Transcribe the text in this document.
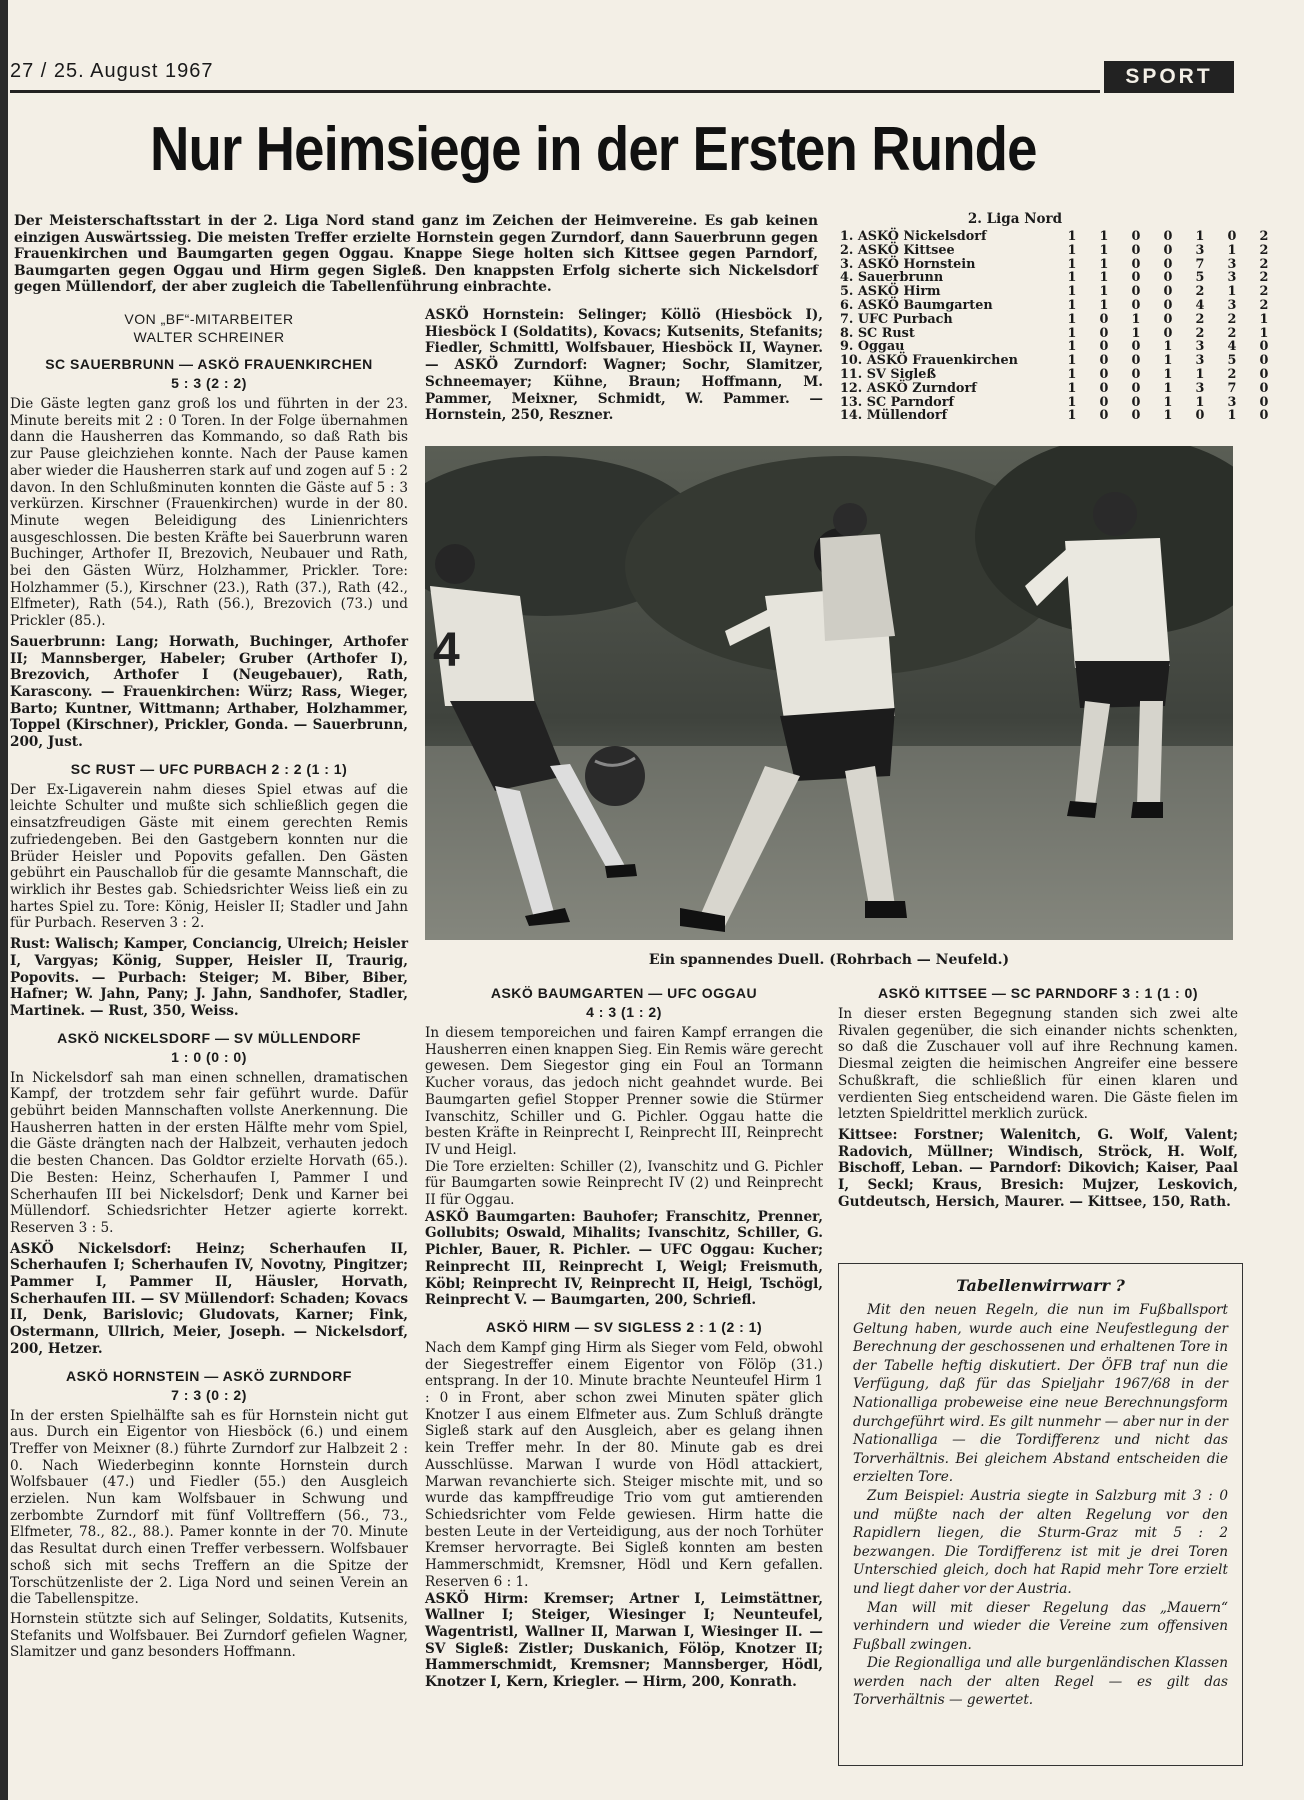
27 / 25. August 1967	SPORT
Nur Heimsiege in der Ersten Runde
Der Meisterschaftsstart in der 2. Liga Nord stand ganz im Zeichen der Heimvereine. Es gab keinen einzigen Auswärtssieg. Die meisten Treffer erzielte Hornstein gegen Zurndorf, dann Sauerbrunn gegen Frauenkirchen und Baumgarten gegen Oggau. Knappe Siege holten sich Kittsee gegen Parndorf, Baumgarten gegen Oggau und Hirm gegen Sigleß. Den knappsten Erfolg sicherte sich Nickelsdorf gegen Müllendorf, der aber zugleich die Tabellenführung einbrachte.
2. Liga Nord
1. ASKÖ Nickelsdorf	1	1	0	0	1	0	2
2. ASKÖ Kittsee	1	1	0	0	3	1	2
3. ASKÖ Hornstein	1	1	0	0	7	3	2
4. Sauerbrunn	1	1	0	0	5	3	2
5. ASKÖ Hirm	1	1	0	0	2	1	2
6. ASKÖ Baumgarten	1	1	0	0	4	3	2
7. UFC Purbach	1	0	1	0	2	2	1
8. SC Rust	1	0	1	0	2	2	1
9. Oggau	1	0	0	1	3	4	0
10. ASKÖ Frauenkirchen	1	0	0	1	3	5	0
11. SV Sigleß	1	0	0	1	1	2	0
12. ASKÖ Zurndorf	1	0	0	1	3	7	0
13. SC Parndorf	1	0	0	1	1	3	0
14. Müllendorf	1	0	0	1	0	1	0
VON „BF“-MITARBEITER
WALTER SCHREINER
SC SAUERBRUNN — ASKÖ FRAUENKIRCHEN
5 : 3 (2 : 2)

Die Gäste legten ganz groß los und führten in der 23. Minute bereits mit 2 : 0 Toren. In der Folge übernahmen dann die Hausherren das Kommando, so daß Rath bis zur Pause gleichziehen konnte. Nach der Pause kamen aber wieder die Hausherren stark auf und zogen auf 5 : 2 davon. In den Schlußminuten konnten die Gäste auf 5 : 3 verkürzen. Kirschner (Frauenkirchen) wurde in der 80. Minute wegen Beleidigung des Linienrichters ausgeschlossen. Die besten Kräfte bei Sauerbrunn waren Buchinger, Arthofer II, Brezovich, Neubauer und Rath, bei den Gästen Würz, Holzhammer, Prickler. Tore: Holzhammer (5.), Kirschner (23.), Rath (37.), Rath (42., Elfmeter), Rath (54.), Rath (56.), Brezovich (73.) und Prickler (85.).

Sauerbrunn: Lang; Horwath, Buchinger, Arthofer II; Mannsberger, Habeler; Gruber (Arthofer I), Brezovich, Arthofer I (Neugebauer), Rath, Karascony. — Frauenkirchen: Würz; Rass, Wieger, Barto; Kuntner, Wittmann; Arthaber, Holzhammer, Toppel (Kirschner), Prickler, Gonda. — Sauerbrunn, 200, Just.

SC RUST — UFC PURBACH 2 : 2 (1 : 1)

Der Ex-Ligaverein nahm dieses Spiel etwas auf die leichte Schulter und mußte sich schließlich gegen die einsatzfreudigen Gäste mit einem gerechten Remis zufriedengeben. Bei den Gastgebern konnten nur die Brüder Heisler und Popovits gefallen. Den Gästen gebührt ein Pauschallob für die gesamte Mannschaft, die wirklich ihr Bestes gab. Schiedsrichter Weiss ließ ein zu hartes Spiel zu. Tore: König, Heisler II; Stadler und Jahn für Purbach. Reserven 3 : 2.

Rust: Walisch; Kamper, Conciancig, Ulreich; Heisler I, Vargyas; König, Supper, Heisler II, Traurig, Popovits. — Purbach: Steiger; M. Biber, Biber, Hafner; W. Jahn, Pany; J. Jahn, Sandhofer, Stadler, Martinek. — Rust, 350, Weiss.

ASKÖ NICKELSDORF — SV MÜLLENDORF
1 : 0 (0 : 0)

In Nickelsdorf sah man einen schnellen, dramatischen Kampf, der trotzdem sehr fair geführt wurde. Dafür gebührt beiden Mannschaften vollste Anerkennung. Die Hausherren hatten in der ersten Hälfte mehr vom Spiel, die Gäste drängten nach der Halbzeit, verhauten jedoch die besten Chancen. Das Goldtor erzielte Horvath (65.). Die Besten: Heinz, Scherhaufen I, Pammer I und Scherhaufen III bei Nickelsdorf; Denk und Karner bei Müllendorf. Schiedsrichter Hetzer agierte korrekt. Reserven 3 : 5.

ASKÖ Nickelsdorf: Heinz; Scherhaufen II, Scherhaufen I; Scherhaufen IV, Novotny, Pingitzer; Pammer I, Pammer II, Häusler, Horvath, Scherhaufen III. — SV Müllendorf: Schaden; Kovacs II, Denk, Barislovic; Gludovats, Karner; Fink, Ostermann, Ullrich, Meier, Joseph. — Nickelsdorf, 200, Hetzer.

ASKÖ HORNSTEIN — ASKÖ ZURNDORF
7 : 3 (0 : 2)

In der ersten Spielhälfte sah es für Hornstein nicht gut aus. Durch ein Eigentor von Hiesböck (6.) und einem Treffer von Meixner (8.) führte Zurndorf zur Halbzeit 2 : 0. Nach Wiederbeginn konnte Hornstein durch Wolfsbauer (47.) und Fiedler (55.) den Ausgleich erzielen. Nun kam Wolfsbauer in Schwung und zerbombte Zurndorf mit fünf Volltreffern (56., 73., Elfmeter, 78., 82., 88.). Pamer konnte in der 70. Minute das Resultat durch einen Treffer verbessern. Wolfsbauer schoß sich mit sechs Treffern an die Spitze der Torschützenliste der 2. Liga Nord und seinen Verein an die Tabellenspitze.

Hornstein stützte sich auf Selinger, Soldatits, Kutsenits, Stefanits und Wolfsbauer. Bei Zurndorf gefielen Wagner, Slamitzer und ganz besonders Hoffmann.

ASKÖ Hornstein: Selinger; Köllö (Hiesböck I), Hiesböck I (Soldatits), Kovacs; Kutsenits, Stefanits; Fiedler, Schmittl, Wolfsbauer, Hiesböck II, Wayner. — ASKÖ Zurndorf: Wagner; Sochr, Slamitzer, Schneemayer; Kühne, Braun; Hoffmann, M. Pammer, Meixner, Schmidt, W. Pammer. — Hornstein, 250, Reszner.
4
Ein spannendes Duell. (Rohrbach — Neufeld.)
ASKÖ BAUMGARTEN — UFC OGGAU
4 : 3 (1 : 2)

In diesem temporeichen und fairen Kampf errangen die Hausherren einen knappen Sieg. Ein Remis wäre gerecht gewesen. Dem Siegestor ging ein Foul an Tormann Kucher voraus, das jedoch nicht geahndet wurde. Bei Baumgarten gefiel Stopper Prenner sowie die Stürmer Ivanschitz, Schiller und G. Pichler. Oggau hatte die besten Kräfte in Reinprecht I, Reinprecht III, Reinprecht IV und Heigl.

Die Tore erzielten: Schiller (2), Ivanschitz und G. Pichler für Baumgarten sowie Reinprecht IV (2) und Reinprecht II für Oggau.

ASKÖ Baumgarten: Bauhofer; Franschitz, Prenner, Gollubits; Oswald, Mihalits; Ivanschitz, Schiller, G. Pichler, Bauer, R. Pichler. — UFC Oggau: Kucher; Reinprecht III, Reinprecht I, Weigl; Freismuth, Köbl; Reinprecht IV, Reinprecht II, Heigl, Tschögl, Reinprecht V. — Baumgarten, 200, Schriefl.

ASKÖ HIRM — SV SIGLESS 2 : 1 (2 : 1)

Nach dem Kampf ging Hirm als Sieger vom Feld, obwohl der Siegestreffer einem Eigentor von Fölöp (31.) entsprang. In der 10. Minute brachte Neunteufel Hirm 1 : 0 in Front, aber schon zwei Minuten später glich Knotzer I aus einem Elfmeter aus. Zum Schluß drängte Sigleß stark auf den Ausgleich, aber es gelang ihnen kein Treffer mehr. In der 80. Minute gab es drei Ausschlüsse. Marwan I wurde von Hödl attackiert, Marwan revanchierte sich. Steiger mischte mit, und so wurde das kampffreudige Trio vom gut amtierenden Schiedsrichter vom Felde gewiesen. Hirm hatte die besten Leute in der Verteidigung, aus der noch Torhüter Kremser hervorragte. Bei Sigleß konnten am besten Hammerschmidt, Kremsner, Hödl und Kern gefallen. Reserven 6 : 1.

ASKÖ Hirm: Kremser; Artner I, Leimstättner, Wallner I; Steiger, Wiesinger I; Neunteufel, Wagentristl, Wallner II, Marwan I, Wiesinger II. — SV Sigleß: Zistler; Duskanich, Fölöp, Knotzer II; Hammerschmidt, Kremsner; Mannsberger, Hödl, Knotzer I, Kern, Kriegler. — Hirm, 200, Konrath.

ASKÖ KITTSEE — SC PARNDORF 3 : 1 (1 : 0)

In dieser ersten Begegnung standen sich zwei alte Rivalen gegenüber, die sich einander nichts schenkten, so daß die Zuschauer voll auf ihre Rechnung kamen. Diesmal zeigten die heimischen Angreifer eine bessere Schußkraft, die schließlich für einen klaren und verdienten Sieg entscheidend waren. Die Gäste fielen im letzten Spieldrittel merklich zurück.

Kittsee: Forstner; Walenitch, G. Wolf, Valent; Radovich, Müllner; Windisch, Ströck, H. Wolf, Bischoff, Leban. — Parndorf: Dikovich; Kaiser, Paal I, Seckl; Kraus, Bresich: Mujzer, Leskovich, Gutdeutsch, Hersich, Maurer. — Kittsee, 150, Rath.

Tabellenwirrwarr ?

Mit den neuen Regeln, die nun im Fußballsport Geltung haben, wurde auch eine Neufestlegung der Berechnung der geschossenen und erhaltenen Tore in der Tabelle heftig diskutiert. Der ÖFB traf nun die Verfügung, daß für das Spieljahr 1967/68 in der Nationalliga probeweise eine neue Berechnungsform durchgeführt wird. Es gilt nunmehr — aber nur in der Nationalliga — die Tordifferenz und nicht das Torverhältnis. Bei gleichem Abstand entscheiden die erzielten Tore.

Zum Beispiel: Austria siegte in Salzburg mit 3 : 0 und müßte nach der alten Regelung vor den Rapidlern liegen, die Sturm-Graz mit 5 : 2 bezwangen. Die Tordifferenz ist mit je drei Toren Unterschied gleich, doch hat Rapid mehr Tore erzielt und liegt daher vor der Austria.

Man will mit dieser Regelung das „Mauern“ verhindern und wieder die Vereine zum offensiven Fußball zwingen.

Die Regionalliga und alle burgenländischen Klassen werden nach der alten Regel — es gilt das Torverhältnis — gewertet.
